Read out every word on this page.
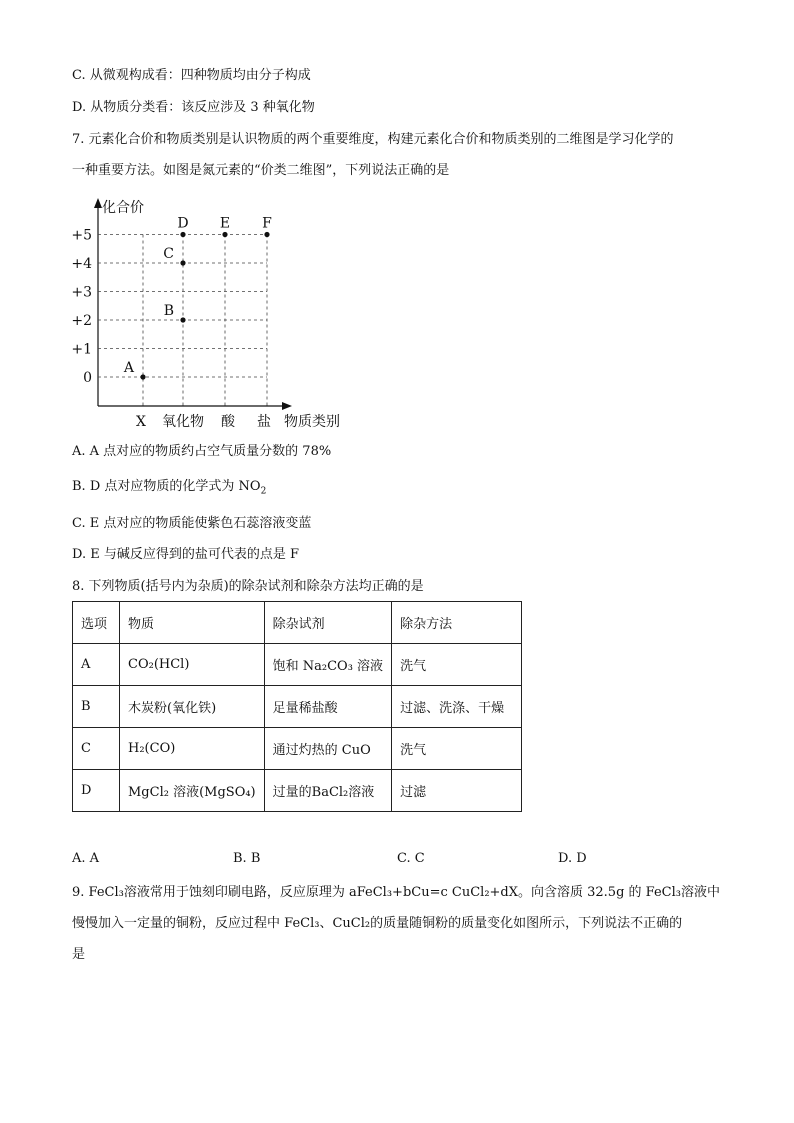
C. 从微观构成看：四种物质均由分子构成
D. 从物质分类看：该反应涉及 3 种氧化物
7. 元素化合价和物质类别是认识物质的两个重要维度，构建元素化合价和物质类别的二维图是学习化学的
一种重要方法。如图是氮元素的“价类二维图”，下列说法正确的是
0
+1
+2
+3
+4
+5
化合价
X 氧化物 酸 盐 物质类别
A
B
C
D E F
A. A 点对应的物质约占空气质量分数的 78%
B. D 点对应物质的化学式为 $NO_2$
C. E 点对应的物质能使紫色石蕊溶液变蓝
D. E 与碱反应得到的盐可代表的点是 F
8. 下列物质(括号内为杂质)的除杂试剂和除杂方法均正确的是
选项	物质	除杂试剂	除杂方法
A	CO₂(HCl)	饱和 Na₂CO₃ 溶液	洗气
B	木炭粉(氧化铁)	足量稀盐酸	过滤、洗涤、干燥
C	H₂(CO)	通过灼热的 CuO	洗气
D	MgCl₂ 溶液(MgSO₄)	过量的BaCl₂溶液	过滤
A. A	B. B	C. C	D. D
9. FeCl₃溶液常用于蚀刻印刷电路，反应原理为 aFeCl₃+bCu=c CuCl₂+dX。向含溶质 32.5g 的 FeCl₃溶液中
慢慢加入一定量的铜粉，反应过程中 FeCl₃、CuCl₂的质量随铜粉的质量变化如图所示，下列说法不正确的
是
